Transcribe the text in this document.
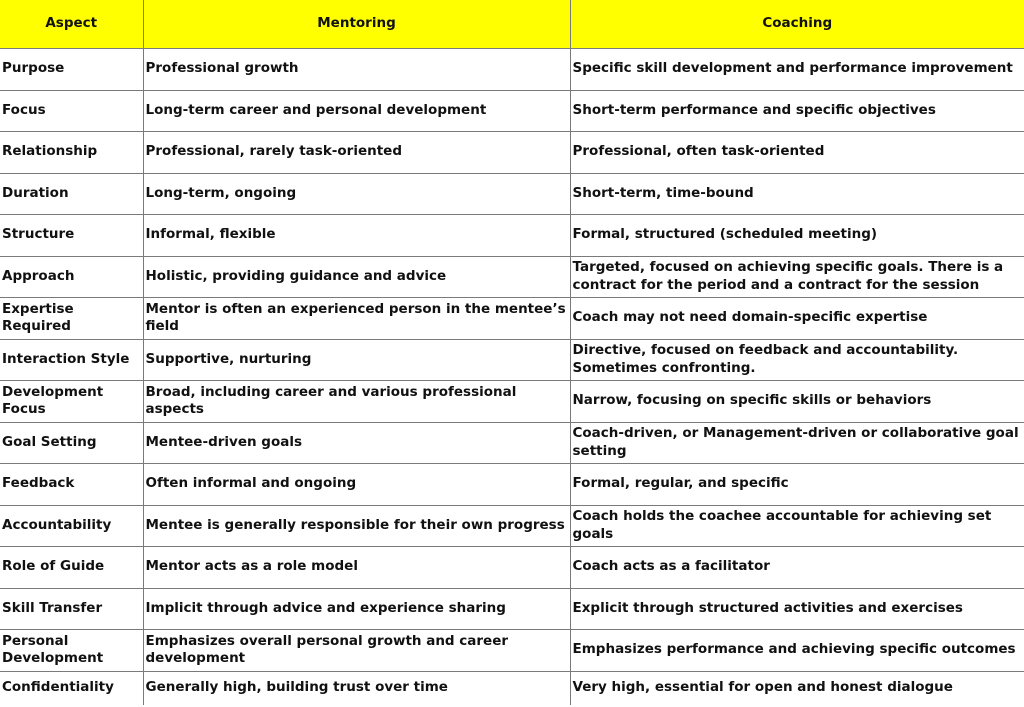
Aspect	Mentoring	Coaching
Purpose	Professional growth	Specific skill development and performance improvement
Focus	Long-term career and personal development	Short-term performance and specific objectives
Relationship	Professional, rarely task-oriented	Professional, often task-oriented
Duration	Long-term, ongoing	Short-term, time-bound
Structure	Informal, flexible	Formal, structured (scheduled meeting)
Approach	Holistic, providing guidance and advice	Targeted, focused on achieving specific goals. There is a contract for the period and a contract for the session
Expertise Required	Mentor is often an experienced person in the mentee’s field	Coach may not need domain-specific expertise
Interaction Style	Supportive, nurturing	Directive, focused on feedback and accountability. Sometimes confronting.
Development Focus	Broad, including career and various professional aspects	Narrow, focusing on specific skills or behaviors
Goal Setting	Mentee-driven goals	Coach-driven, or Management-driven or collaborative goal setting
Feedback	Often informal and ongoing	Formal, regular, and specific
Accountability	Mentee is generally responsible for their own progress	Coach holds the coachee accountable for achieving set goals
Role of Guide	Mentor acts as a role model	Coach acts as a facilitator
Skill Transfer	Implicit through advice and experience sharing	Explicit through structured activities and exercises
Personal Development	Emphasizes overall personal growth and career development	Emphasizes performance and achieving specific outcomes
Confidentiality	Generally high, building trust over time	Very high, essential for open and honest dialogue
